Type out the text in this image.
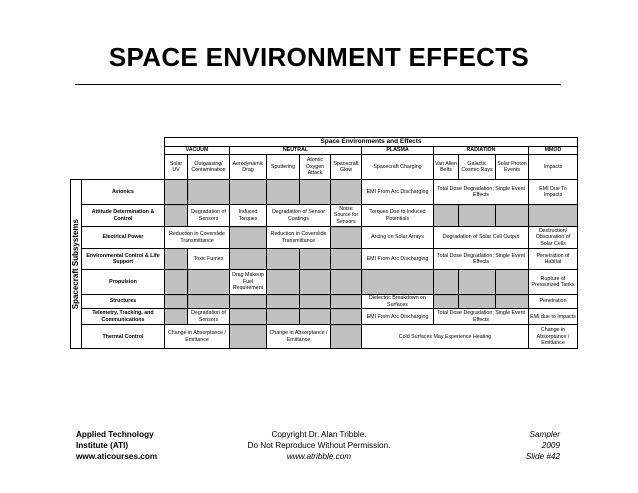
SPACE ENVIRONMENT EFFECTS
		Space Environments and Effects										
		VACUUM		NEUTRAL				PLASMA	RADIATION			MMOD
		Solar UV	Outgassing/ Contamination	Aerodynamic Drag	Sputtering	Atomic Oxygen Attack	Spacecraft Glow	Spacecraft Charging	Van Allen Belts	Galactic Cosmic Rays	Solar Proton Events	Impacts

Spacecraft Subsystems	Avionics							EMI From Arc Discharging	Total Dose Degradation; Single Event Effects			EMI Due To Impacts
	Attitude Determination & Control		Degradation of Sensors	Induced Torques	Degradation of Sensor Coatings		Noise Source for Sensors	Torques Due to Induced Potentials				
	Electrical Power	Reduction in Coverslide Transmittance			Reduction in Coverslide Transmittance			Arcing on Solar Arrays	Degradation of Solar Cell Output			Destruction/ Obscuration of Solar Cells
	Environmental Control & Life Support		Toxic Fumes					EMI From Arc Discharging	Total Dose Degradation; Single Event Effects			Penetration of Habitat
	Propulsion			Drag Makeup Fuel Requirement								Rupture of Pressurized Tanks
	Structures							Dielectric Breakdown on Surfaces				Penetration
	Telemetry, Tracking, and Communications		Degradation of Sensors					EMI From Arc Discharging	Total Dose Degradation; Single Event Effects			EMI due to Impacts
	Thermal Control	Change in Absorptance / Emittance			Change in Absorptance / Emittance			Cold Surfaces May Experience Heating				Change in Absorptance / Emittance
Applied Technology
Institute (ATI)
www.aticourses.com
Copyright Dr. Alan Tribble.
Do Not Reproduce Without Permission.
www.atribble.com
Sampler
2009
Slide #42
